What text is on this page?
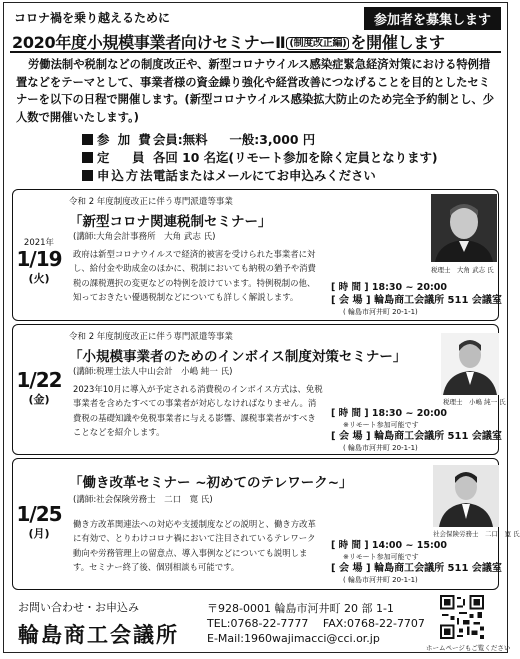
コロナ禍を乗り越えるために	参加者を募集します
2020年度小規模事業者向けセミナーⅡ (制度改正編) を開催します
労働法制や税制などの制度改正や、新型コロナウイルス感染症緊急経済対策における特例措置などをテーマとして、事業者様の資金繰り強化や経営改善につなげることを目的としたセミナーを以下の日程で開催します。(新型コロナウイルス感染拡大防止のため完全予約制とし、少人数で開催いたします。)
参 加 費会員:無料 一般:3,000 円
定　 員 各回 10 名迄(リモート参加を除く定員となります)
申込方法電話またはメールにてお申込みください
2021年
1/19
(火)
令和 2 年度制度改正に伴う専門派遣等事業
「新型コロナ関連税制セミナー」
(講師:大角会計事務所　大角 武志 氏)
政府は新型コロナウイルスで経済的被害を受けられた事業者に対し、給付金や助成金のほかに、税制においても納税の猶予や消費税の課税選択の変更などの特例を設けています。特例税制の他、知っておきたい優遇税制などについても詳しく解説します。
税理士　大角 武志 氏
[ 時 間 ] 18:30 ~ 20:00
[ 会 場 ] 輪島商工会議所 511 会議室
( 輪島市河井町 20-1-1)
1/22
(金)
令和 2 年度制度改正に伴う専門派遣等事業
「小規模事業者のためのインボイス制度対策セミナー」
(講師:税理士法人中山会計　小嶋 純一 氏)
2023年10月に導入が予定される消費税のインボイス方式は、免税事業者を含めたすべての事業者が対応しなければなりません。消費税の基礎知識や免税事業者に与える影響、課税事業者がすべきことなどを紹介します。
税理士　小嶋 純一 氏
[ 時 間 ] 18:30 ~ 20:00
※リモート参加可能です
[ 会 場 ] 輪島商工会議所 511 会議室
( 輪島市河井町 20-1-1)
1/25
(月)
「働き改革セミナー ~初めてのテレワーク~」
(講師:社会保険労務士　二口　寛 氏)
働き方改革関連法への対応や支援制度などの説明と、働き方改革に有効で、とりわけコロナ禍において注目されているテレワーク動向や労務管理上の留意点、導入事例などについても説明します。セミナー終了後、個別相談も可能です。
社会保険労務士　二口　寛 氏
[ 時 間 ] 14:00 ~ 15:00
※リモート参加可能です
[ 会 場 ] 輪島商工会議所 511 会議室
( 輪島市河井町 20-1-1)
お問い合わせ・お申込み
輪島商工会議所
〒928-0001 輪島市河井町 20 部 1-1
TEL:0768-22-7777　 FAX:0768-22-7707
E-Mail:1960wajimacci@cci.or.jp
ホームページもご覧ください
